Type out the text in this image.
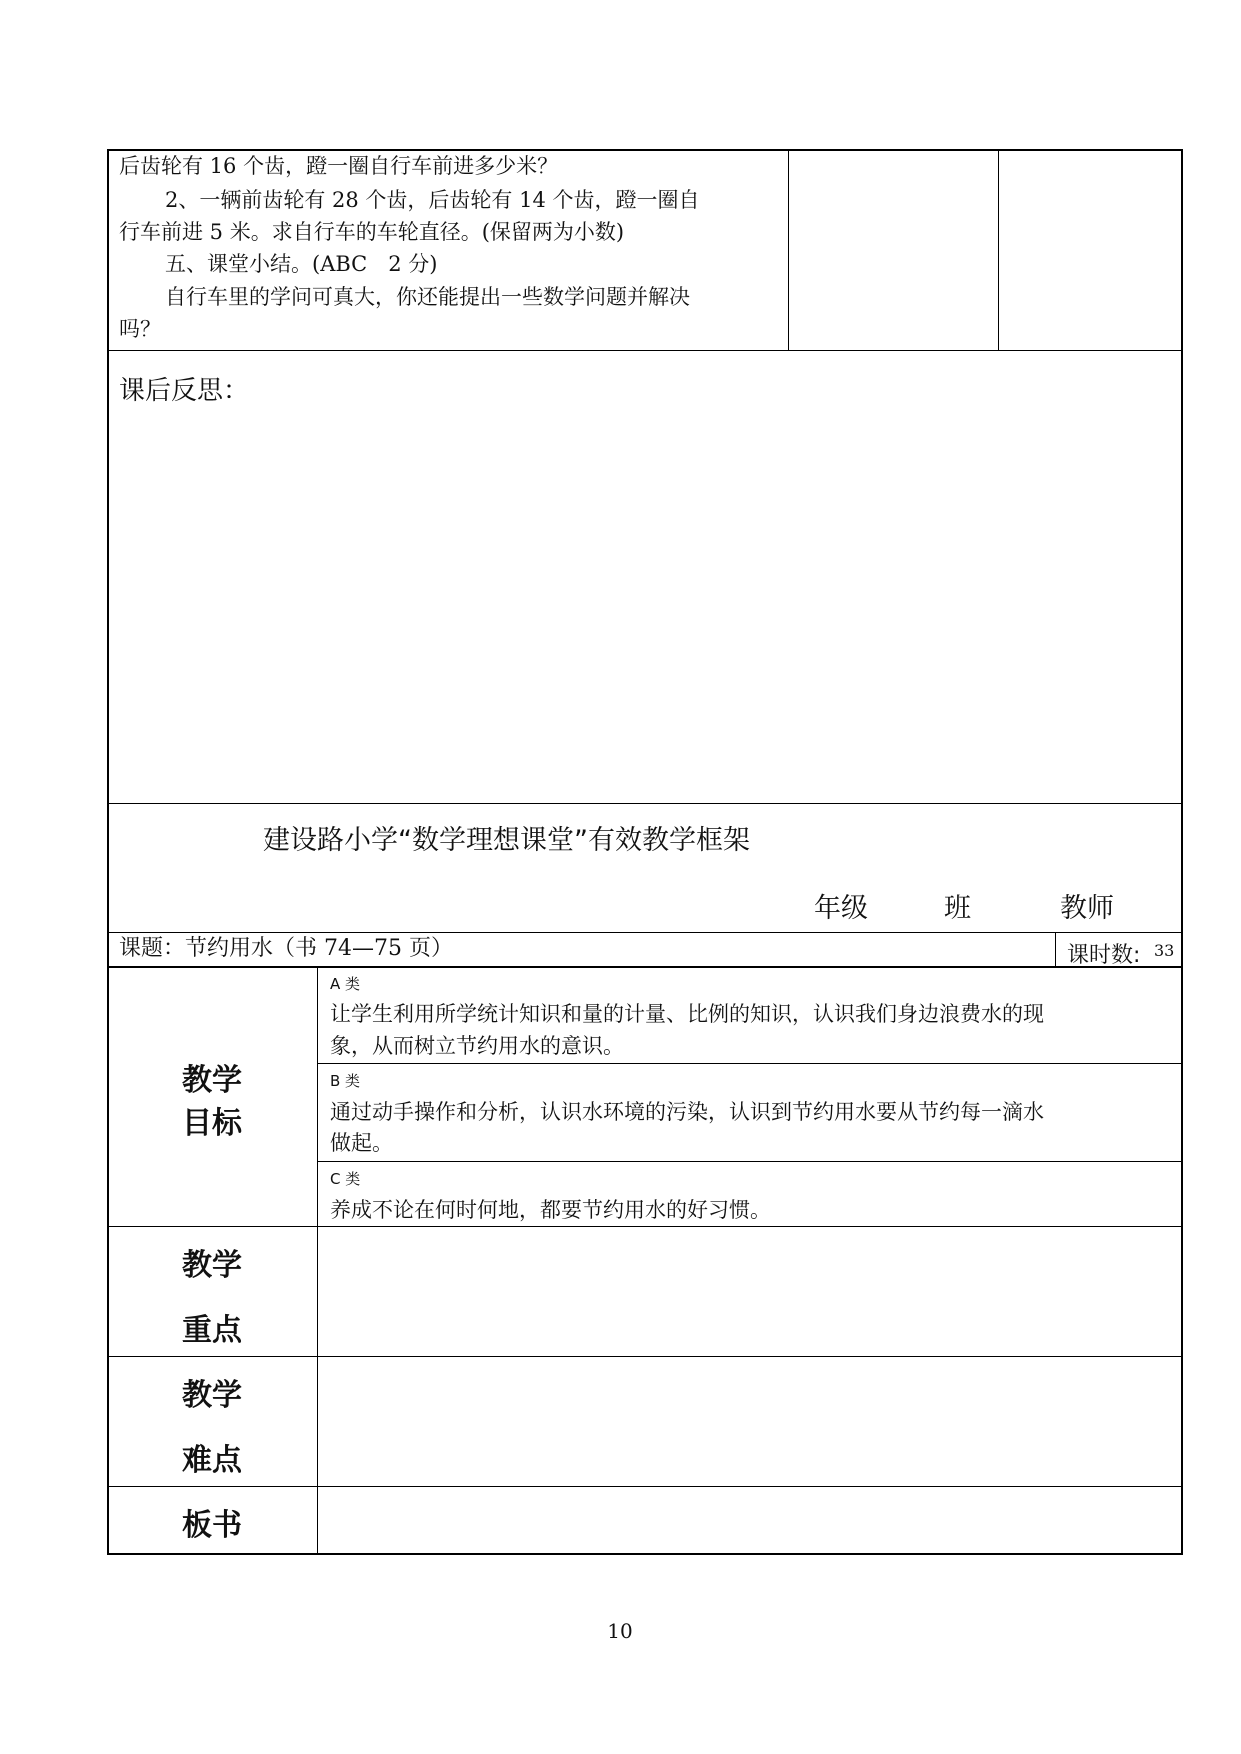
后齿轮有 16 个齿，蹬一圈自行车前进多少米？
2、一辆前齿轮有 28 个齿，后齿轮有 14 个齿，蹬一圈自
行车前进 5 米。求自行车的车轮直径。(保留两为小数)
五、课堂小结。(ABC　2 分)
自行车里的学问可真大，你还能提出一些数学问题并解决
吗？
课后反思：
建设路小学“数学理想课堂”有效教学框架
年级	班	教师
课题：节约用水（书 74—75 页）	课时数: 33
教学
目标
A 类
让学生利用所学统计知识和量的计量、比例的知识，认识我们身边浪费水的现
象，从而树立节约用水的意识。
B 类
通过动手操作和分析，认识水环境的污染，认识到节约用水要从节约每一滴水
做起。
C 类
养成不论在何时何地，都要节约用水的好习惯。
教学
重点
教学
难点
板书
10
